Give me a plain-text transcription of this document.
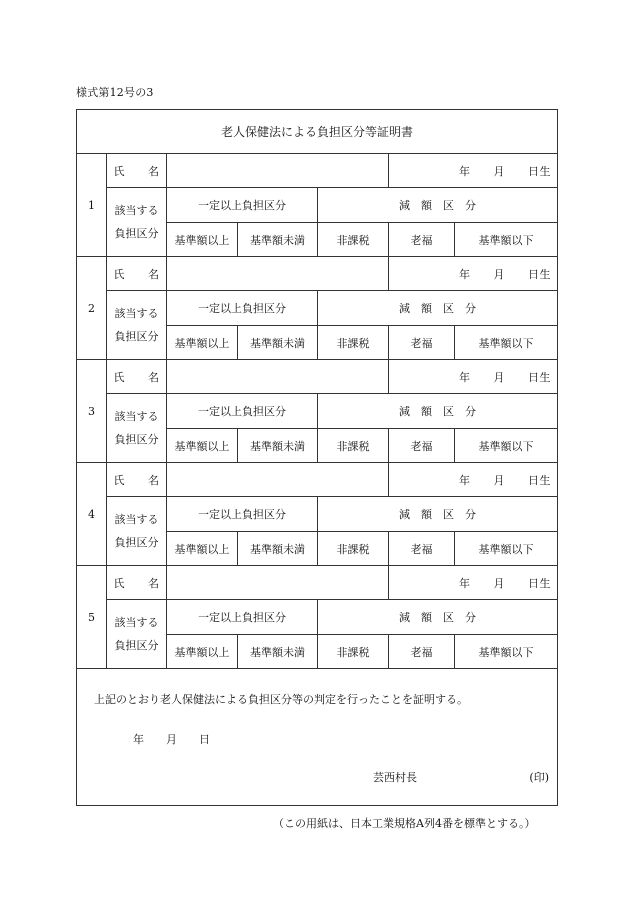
様式第12号の3
老人保健法による負担区分等証明書
1
氏　　名	年　　月　　日生
該当する
負担区分
一定以上負担区分	減　額　区　分
基準額以上	基準額未満	非課税	老福	基準額以下
2
氏　　名	年　　月　　日生
該当する
負担区分
一定以上負担区分	減　額　区　分
基準額以上	基準額未満	非課税	老福	基準額以下
3
氏　　名	年　　月　　日生
該当する
負担区分
一定以上負担区分	減　額　区　分
基準額以上	基準額未満	非課税	老福	基準額以下
4
氏　　名	年　　月　　日生
該当する
負担区分
一定以上負担区分	減　額　区　分
基準額以上	基準額未満	非課税	老福	基準額以下
5
氏　　名	年　　月　　日生
該当する
負担区分
一定以上負担区分	減　額　区　分
基準額以上	基準額未満	非課税	老福	基準額以下
上記のとおり老人保健法による負担区分等の判定を行ったことを証明する。
年　　月　　日
芸西村長	(印)
（この用紙は、日本工業規格A列4番を標準とする。）
